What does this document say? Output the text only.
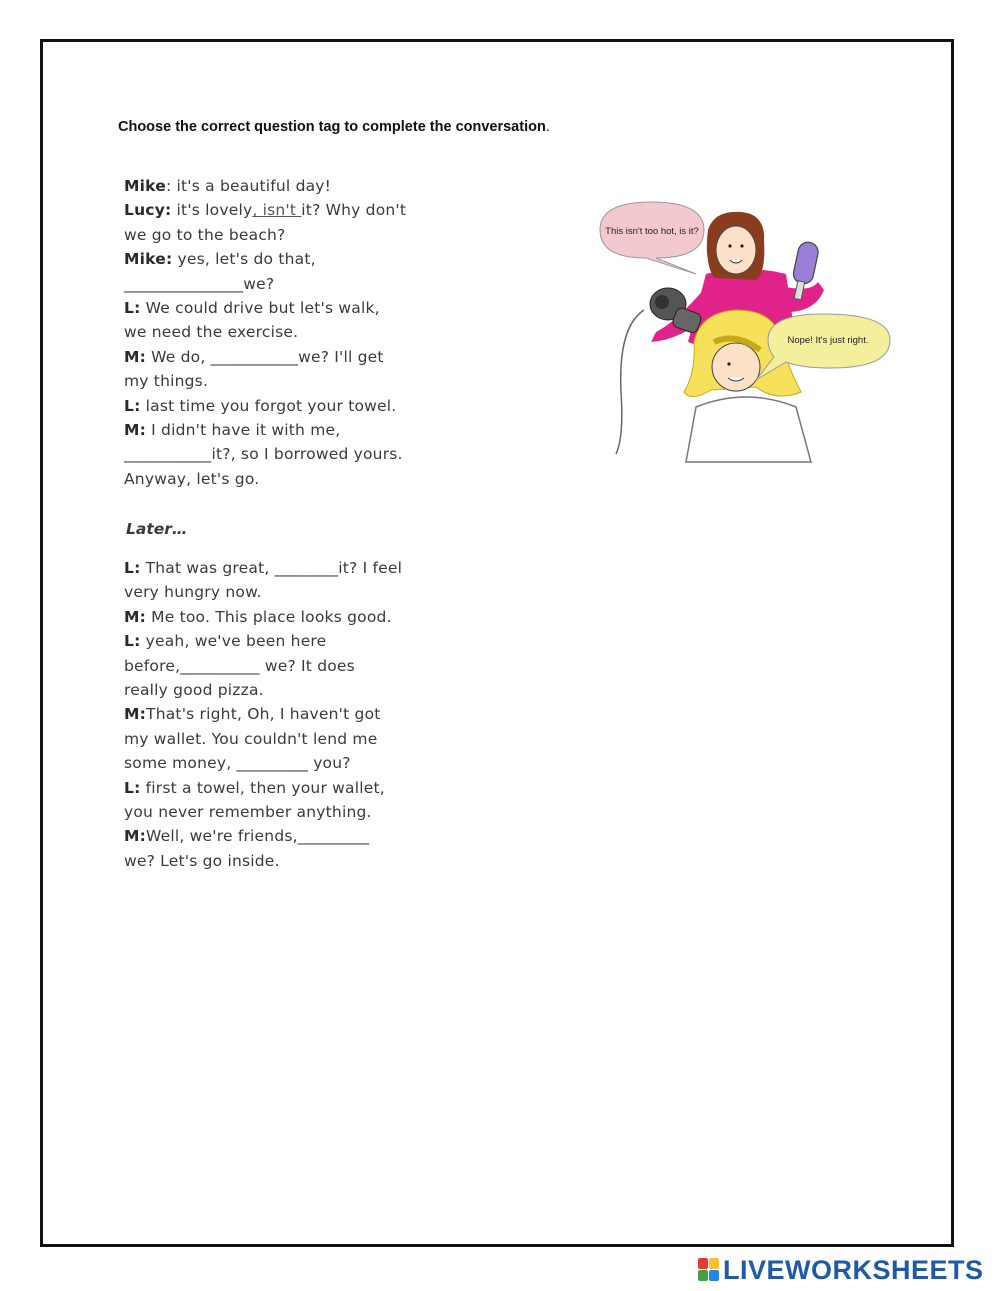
Choose the correct question tag to complete the conversation.
Mike: it's a beautiful day!
Lucy: it's lovely, isn't it? Why don't
we go to the beach?
Mike: yes, let's do that,
_______________we?
L: We could drive but let's walk,
we need the exercise.
M: We do, ___________we? I'll get
my things.
L: last time you forgot your towel.
M: I didn't have it with me,
___________it?, so I borrowed yours.
Anyway, let's go.
Later…
L: That was great, ________it? I feel
very hungry now.
M: Me too. This place looks good.
L: yeah, we've been here
before,__________ we? It does
really good pizza.
M:That's right, Oh, I haven't got
my wallet. You couldn't lend me
some money, _________ you?
L: first a towel, then your wallet,
you never remember anything.
M:Well, we're friends,_________
we? Let's go inside.
This isn't too hot, is it?
Nope! It's just right.
LIVEWORKSHEETS
